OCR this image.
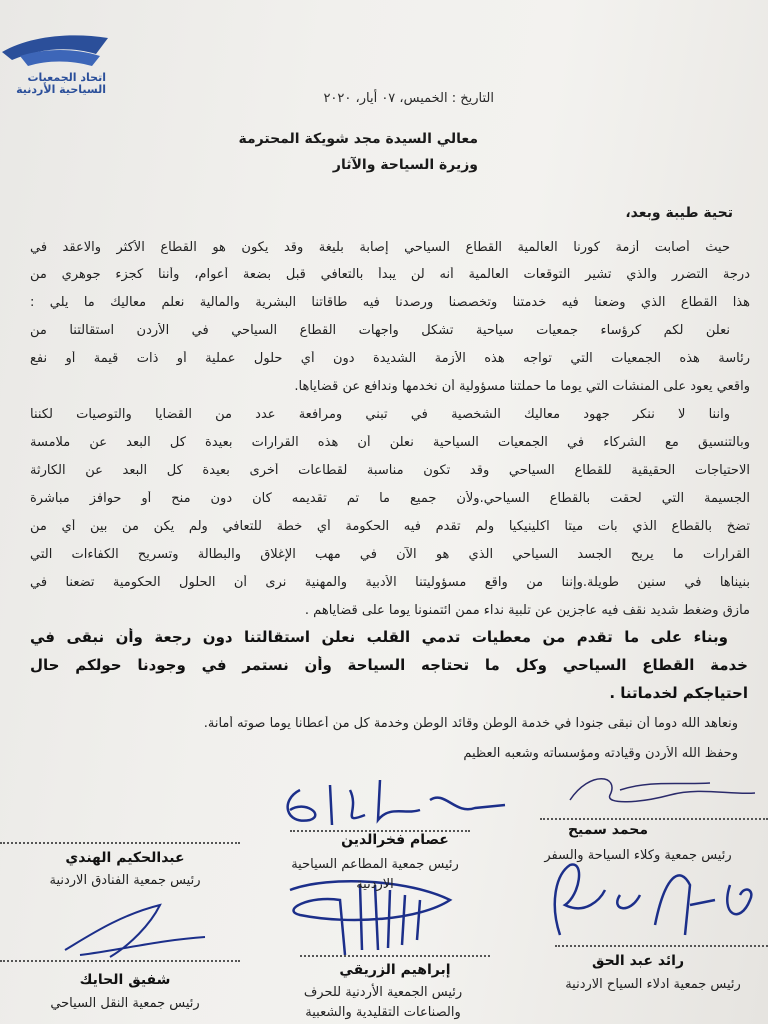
اتحاد الجمعيات
السياحية الأردنية
التاريخ : الخميس، ٠٧ أيار، ٢٠٢٠
معالي السيدة مجد شويكة المحترمة
وزيرة السياحة والآثار
تحية طيبة وبعد،
حيث أصابت أزمة كورنا العالمية القطاع السياحي إصابة بليغة وقد يكون هو القطاع الأكثر والاعقد في
درجة التضرر والذي تشير التوقعات العالمية أنه لن يبدأ بالتعافي قبل بضعة أعوام، وأننا كجزء جوهري من
هذا القطاع الذي وضعنا فيه خدمتنا وتخصصنا ورصدنا فيه طاقاتنا البشرية والمالية نعلم معاليك ما يلي :
نعلن لكم كرؤساء جمعيات سياحية تشكل واجهات القطاع السياحي في الأردن استقالتنا من
رئاسة هذه الجمعيات التي تواجه هذه الأزمة الشديدة دون أي حلول عملية أو ذات قيمة أو نفع
واقعي يعود على المنشآت التي يوما ما حملتنا مسؤولية أن نخدمها وندافع عن قضاياها.
واننا لا ننكر جهود معاليك الشخصية في تبني ومرافعة عدد من القضايا والتوصيات لكننا
وبالتنسيق مع الشركاء في الجمعيات السياحية نعلن أن هذه القرارات بعيدة كل البعد عن ملامسة
الاحتياجات الحقيقية للقطاع السياحي وقد تكون مناسبة لقطاعات أخرى بعيدة كل البعد عن الكارثة
الجسيمة التي لحقت بالقطاع السياحي.ولأن جميع ما تم تقديمه كان دون منح أو حوافز مباشرة
تضخ بالقطاع الذي بات ميتا اكلينيكيا ولم تقدم فيه الحكومة أي خطة للتعافي ولم يكن من بين أي من
القرارات ما يريح الجسد السياحي الذي هو الآن في مهب الإغلاق والبطالة وتسريح الكفاءات التي
بنيناها في سنين طويلة.وإننا من واقع مسؤوليتنا الأدبية والمهنية نرى أن الحلول الحكومية تضعنا في
مأزق وضغط شديد نقف فيه عاجزين عن تلبية نداء ممن ائتمنونا يوما على قضاياهم .
وبناء على ما تقدم من معطيات تدمي القلب نعلن استقالتنا دون رجعة وأن نبقى في
خدمة القطاع السياحي وكل ما تحتاجه السياحة وأن نستمر في وجودنا حولكم حال
احتياجكم لخدماتنا .
ونعاهد الله دوما أن نبقى جنودا في خدمة الوطن وقائد الوطن وخدمة كل من أعطانا يوما صوته أمانة.
وحفظ الله الأردن وقيادته ومؤسساته وشعبه العظيم
محمد سميح
رئيس جمعية وكلاء السياحة والسفر
عصام فخرالدين
رئيس جمعية المطاعم السياحية
الاردنية
عبدالحكيم الهندي
رئيس جمعية الفنادق الاردنية
رائد عبد الحق
رئيس جمعية ادلاء السياح الاردنية
إبراهيم الزريقي
رئيس الجمعية الأردنية للحرف
والصناعات التقليدية والشعبية
شفيق الحايك
رئيس جمعية النقل السياحي
